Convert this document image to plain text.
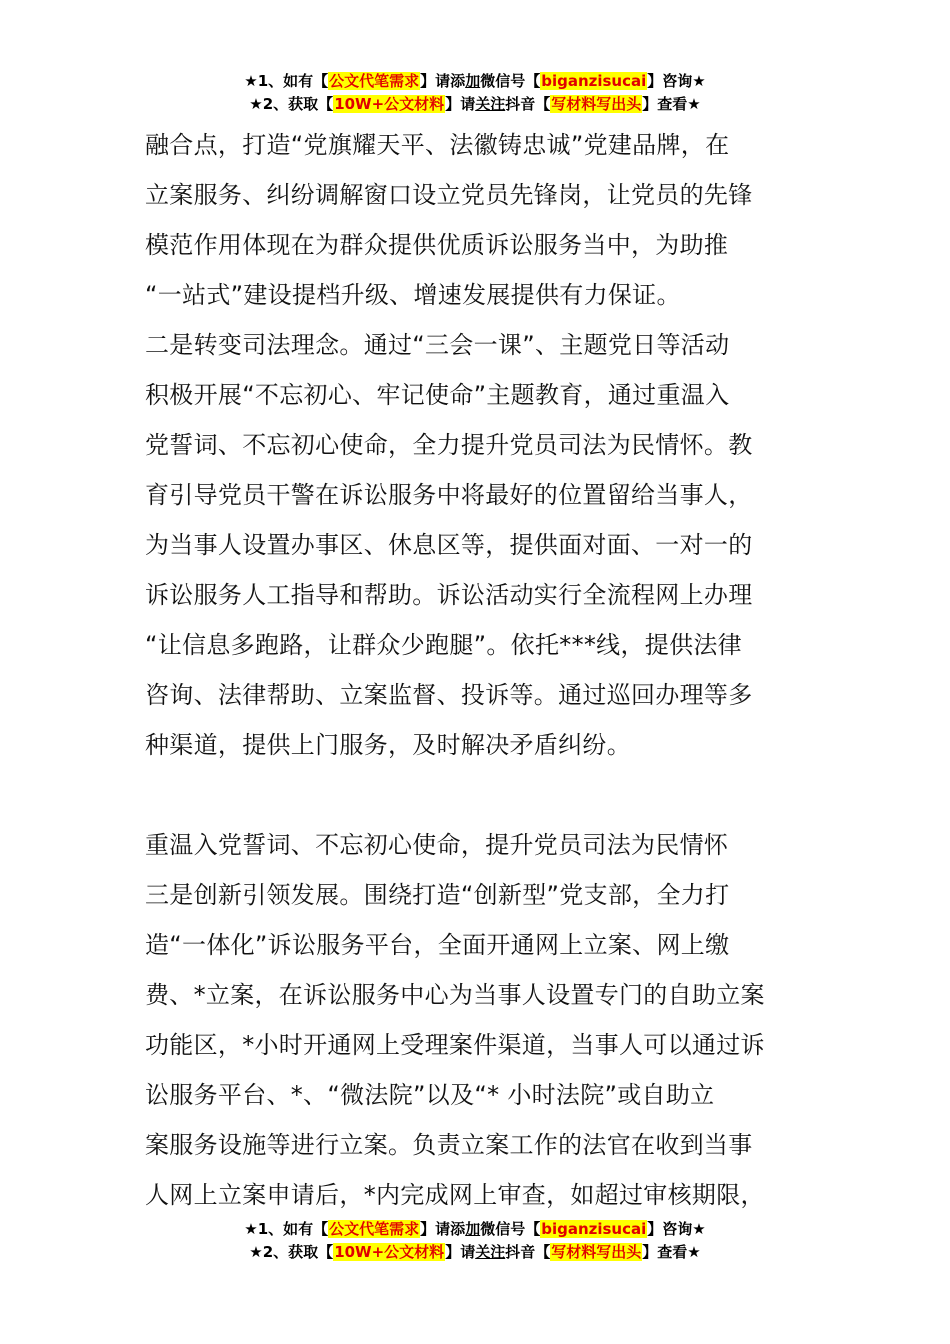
★1、如有【公文代笔需求】请添加微信号【biganzisucai】咨询★
★2、获取【10W+公文材料】请关注抖音【写材料写出头】查看★

融合点，打造“党旗耀天平、法徽铸忠诚”党建品牌，在

立案服务、纠纷调解窗口设立党员先锋岗，让党员的先锋

模范作用体现在为群众提供优质诉讼服务当中，为助推

“一站式”建设提档升级、增速发展提供有力保证。

二是转变司法理念。通过“三会一课”、主题党日等活动

积极开展“不忘初心、牢记使命”主题教育，通过重温入

党誓词、不忘初心使命，全力提升党员司法为民情怀。教

育引导党员干警在诉讼服务中将最好的位置留给当事人，

为当事人设置办事区、休息区等，提供面对面、一对一的

诉讼服务人工指导和帮助。诉讼活动实行全流程网上办理

“让信息多跑路，让群众少跑腿”。依托***线，提供法律

咨询、法律帮助、立案监督、投诉等。通过巡回办理等多

种渠道，提供上门服务，及时解决矛盾纠纷。

重温入党誓词、不忘初心使命，提升党员司法为民情怀

三是创新引领发展。围绕打造“创新型”党支部，全力打

造“一体化”诉讼服务平台，全面开通网上立案、网上缴

费、*立案，在诉讼服务中心为当事人设置专门的自助立案

功能区，*小时开通网上受理案件渠道，当事人可以通过诉

讼服务平台、*、“微法院”以及“* 小时法院”或自助立

案服务设施等进行立案。负责立案工作的法官在收到当事

人网上立案申请后，*内完成网上审查，如超过审核期限，

★1、如有【公文代笔需求】请添加微信号【biganzisucai】咨询★
★2、获取【10W+公文材料】请关注抖音【写材料写出头】查看★
